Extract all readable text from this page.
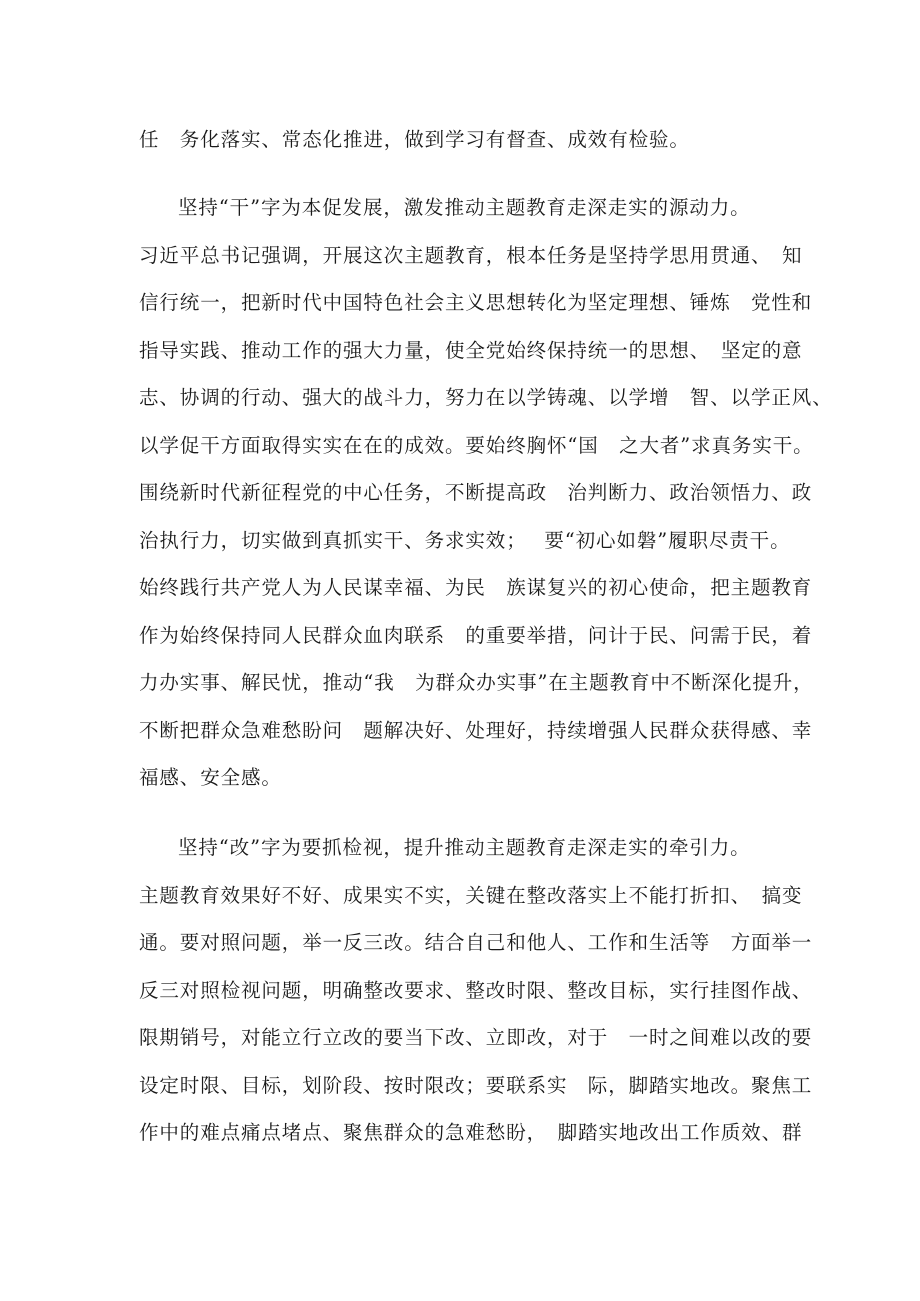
任　务化落实、常态化推进，做到学习有督查、成效有检验。
坚持“干”字为本促发展，激发推动主题教育走深走实的源动力。
习近平总书记强调，开展这次主题教育，根本任务是坚持学思用贯通、　知
信行统一，把新时代中国特色社会主义思想转化为坚定理想、锤炼　党性和
指导实践、推动工作的强大力量，使全党始终保持统一的思想、　坚定的意
志、协调的行动、强大的战斗力，努力在以学铸魂、以学增　智、以学正风、
以学促干方面取得实实在在的成效。要始终胸怀“国　之大者”求真务实干。
围绕新时代新征程党的中心任务，不断提高政　治判断力、政治领悟力、政
治执行力，切实做到真抓实干、务求实效；　 要“初心如磐”履职尽责干。
始终践行共产党人为人民谋幸福、为民　族谋复兴的初心使命，把主题教育
作为始终保持同人民群众血肉联系　的重要举措，问计于民、问需于民，着
力办实事、解民忧，推动“我　为群众办实事”在主题教育中不断深化提升，
不断把群众急难愁盼问　题解决好、处理好，持续增强人民群众获得感、幸
福感、安全感。
坚持“改”字为要抓检视，提升推动主题教育走深走实的牵引力。
主题教育效果好不好、成果实不实，关键在整改落实上不能打折扣、　搞变
通。要对照问题，举一反三改。结合自己和他人、工作和生活等　方面举一
反三对照检视问题，明确整改要求、整改时限、整改目标，实行挂图作战、
限期销号，对能立行立改的要当下改、立即改，对于　一时之间难以改的要
设定时限、目标，划阶段、按时限改；要联系实　际，脚踏实地改。聚焦工
作中的难点痛点堵点、聚焦群众的急难愁盼，　脚踏实地改出工作质效、群
